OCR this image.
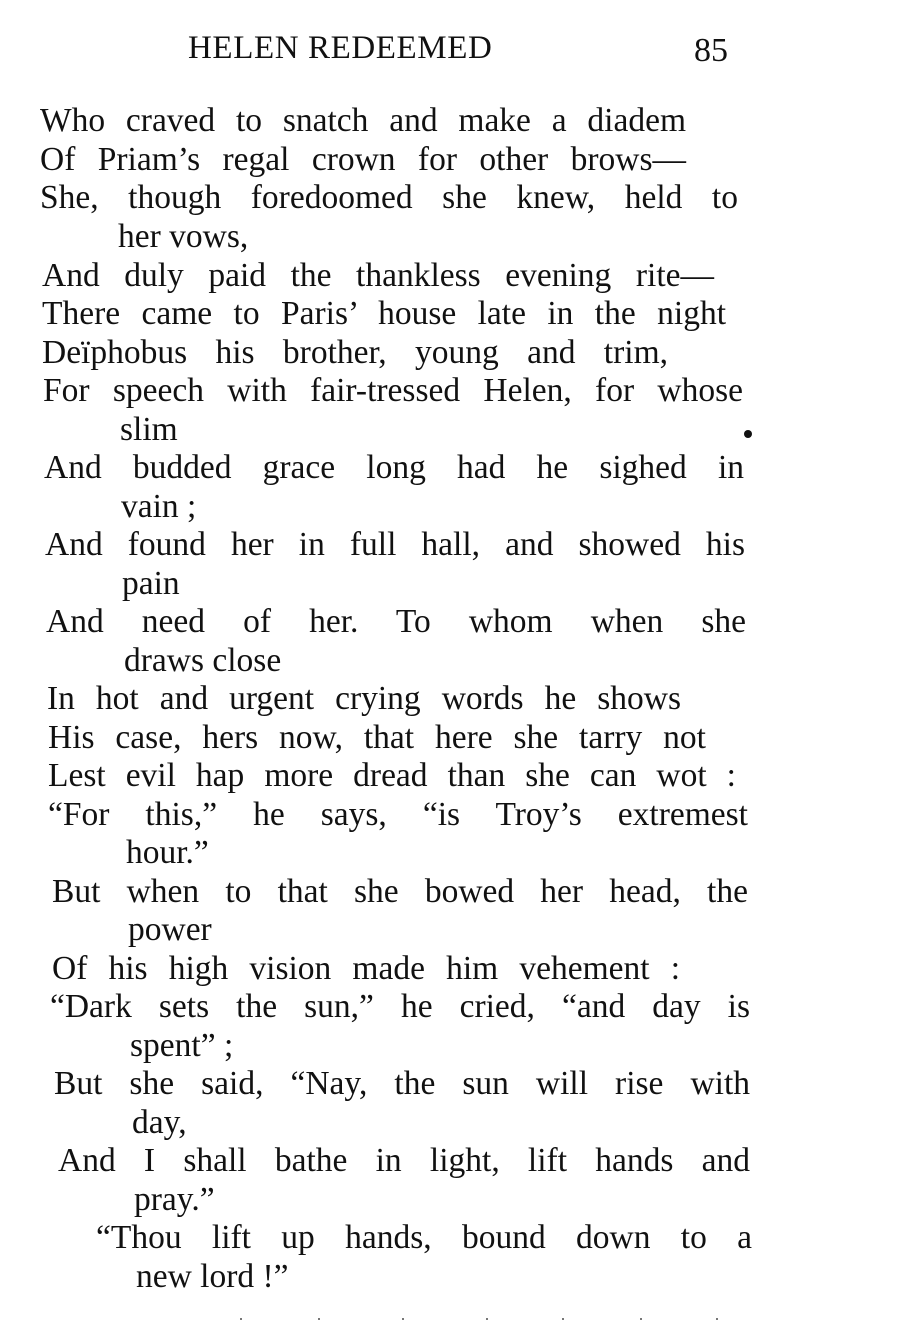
HELEN REDEEMED	85
Who craved to snatch and make a diadem
Of Priam’s regal crown for other brows—
She, though foredoomed she knew, held to
her vows,
And duly paid the thankless evening rite—
There came to Paris’ house late in the night
Deïphobus his brother, young and trim,
For speech with fair-tressed Helen, for whose
slim
And budded grace long had he sighed in
vain ;
And found her in full hall, and showed his
pain
And need of her. To whom when she
draws close
In hot and urgent crying words he shows
His case, hers now, that here she tarry not
Lest evil hap more dread than she can wot :
“For this,” he says, “is Troy’s extremest
hour.”
But when to that she bowed her head, the
power
Of his high vision made him vehement :
“Dark sets the sun,” he cried, “and day is
spent” ;
But she said, “Nay, the sun will rise with
day,
And I shall bathe in light, lift hands and
pray.”
“Thou lift up hands, bound down to a
new lord !”
